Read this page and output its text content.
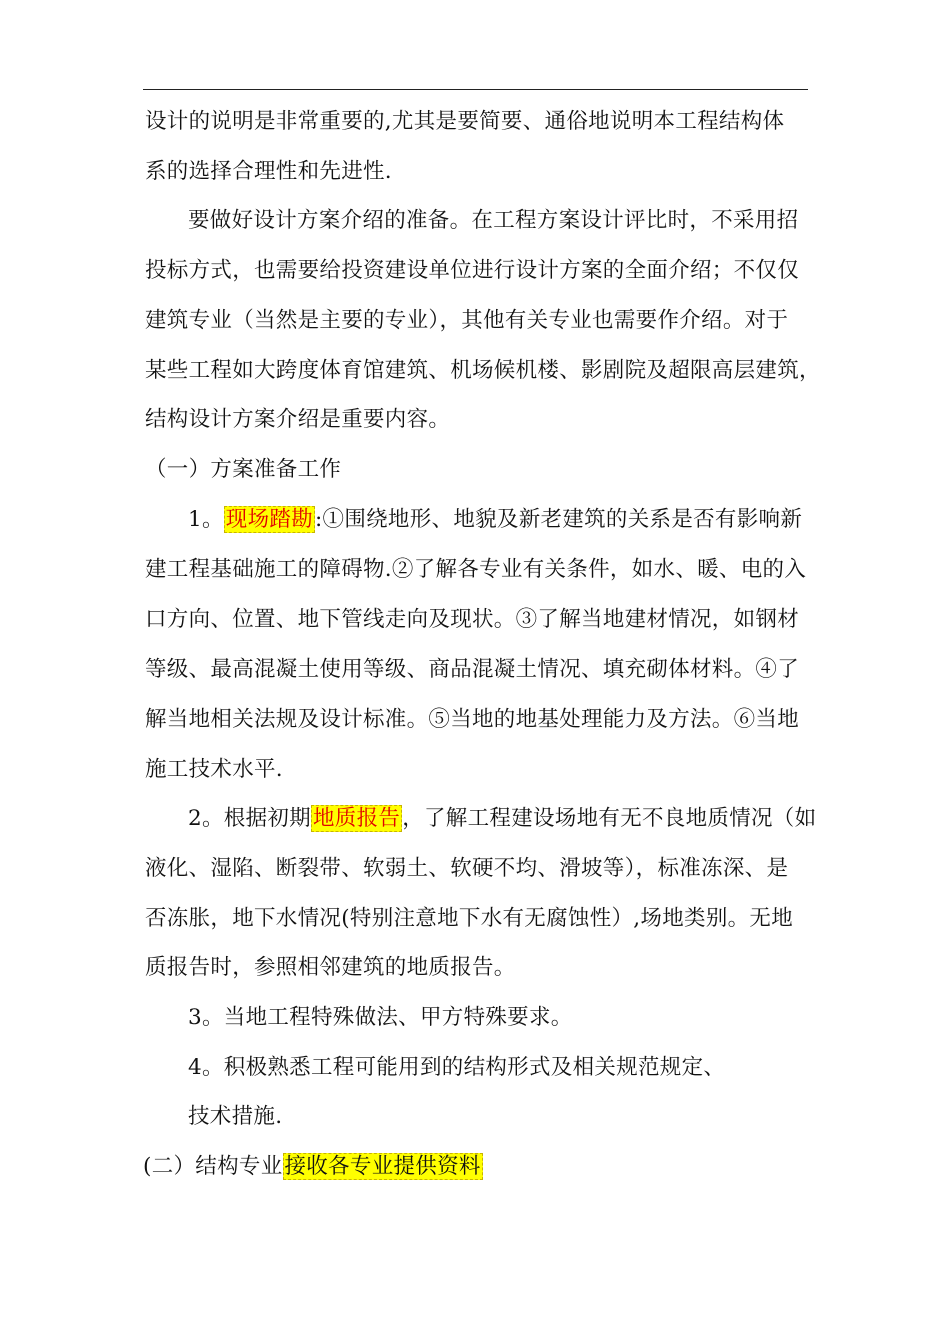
设计的说明是非常重要的,尤其是要简要、通俗地说明本工程结构体
系的选择合理性和先进性.
要做好设计方案介绍的准备。在工程方案设计评比时，不采用招
投标方式，也需要给投资建设单位进行设计方案的全面介绍；不仅仅
建筑专业（当然是主要的专业），其他有关专业也需要作介绍。对于
某些工程如大跨度体育馆建筑、机场候机楼、影剧院及超限高层建筑，
结构设计方案介绍是重要内容。
（一）方案准备工作
1。现场踏勘:①围绕地形、地貌及新老建筑的关系是否有影响新
建工程基础施工的障碍物.②了解各专业有关条件，如水、暖、电的入
口方向、位置、地下管线走向及现状。③了解当地建材情况，如钢材
等级、最高混凝土使用等级、商品混凝土情况、填充砌体材料。④了
解当地相关法规及设计标准。⑤当地的地基处理能力及方法。⑥当地
施工技术水平.
2。根据初期地质报告，了解工程建设场地有无不良地质情况（如
液化、湿陷、断裂带、软弱土、软硬不均、滑坡等），标准冻深、是
否冻胀，地下水情况(特别注意地下水有无腐蚀性）,场地类别。无地
质报告时，参照相邻建筑的地质报告。
3。当地工程特殊做法、甲方特殊要求。
4。积极熟悉工程可能用到的结构形式及相关规范规定、
技术措施.
(二）结构专业接收各专业提供资料
